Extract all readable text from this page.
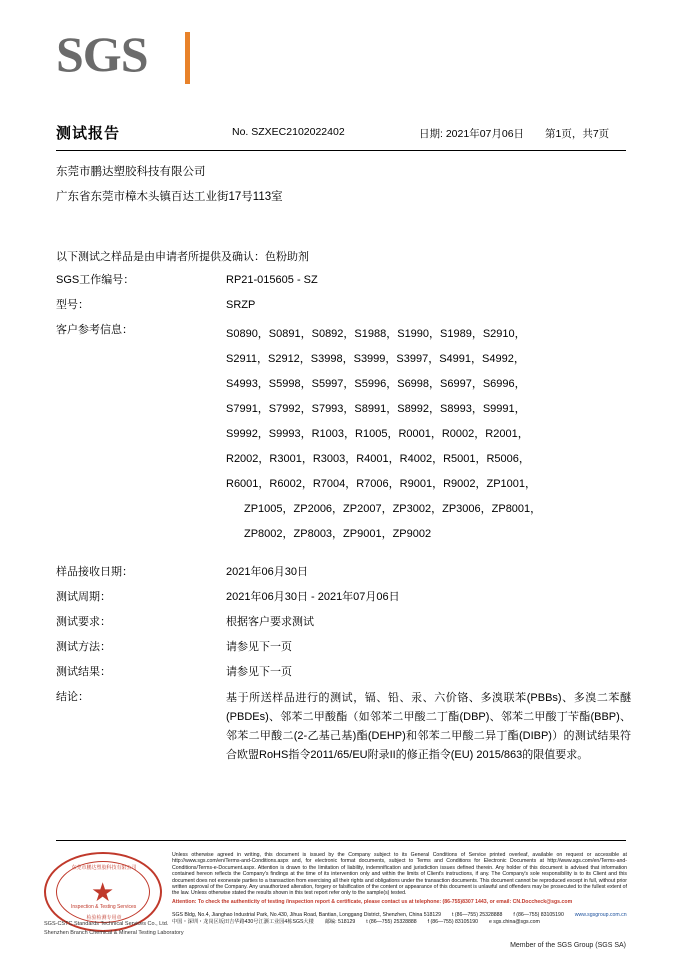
SGS
测试报告	No. SZXEC2102022402	日期: 2021年07月06日 第1页，共7页
东莞市鹏达塑胶科技有限公司
广东省东莞市樟木头镇百达工业街17号113室
以下测试之样品是由申请者所提供及确认：色粉助剂
SGS工作编号：	RP21-015605 - SZ
型号：	SRZP
客户参考信息：	S0890，S0891，S0892，S1988，S1990，S1989，S2910，
S2911，S2912，S3998，S3999，S3997，S4991，S4992，
S4993，S5998，S5997，S5996，S6998，S6997，S6996，
S7991，S7992，S7993，S8991，S8992，S8993，S9991，
S9992，S9993，R1003，R1005，R0001，R0002，R2001，
R2002，R3001，R3003，R4001，R4002，R5001，R5006，
R6001，R6002，R7004，R7006，R9001，R9002，ZP1001，
ZP1005，ZP2006，ZP2007，ZP3002，ZP3006，ZP8001，
ZP8002，ZP8003，ZP9001，ZP9002
样品接收日期：	2021年06月30日
测试周期：	2021年06月30日 - 2021年07月06日
测试要求：	根据客户要求测试
测试方法：	请参见下一页
测试结果：	请参见下一页
结论：	基于所送样品进行的测试，镉、铅、汞、六价铬、多溴联苯(PBBs)、多溴二苯醚(PBDEs)、邻苯二甲酸酯（如邻苯二甲酸二丁酯(DBP)、邻苯二甲酸丁苄酯(BBP)、邻苯二甲酸二(2-乙基己基)酯(DEHP)和邻苯二甲酸二异丁酯(DIBP)）的测试结果符合欧盟RoHS指令2011/65/EU附录II的修正指令(EU) 2015/863的限值要求。
东莞市鹏达塑胶科技有限公司
★
Inspection & Testing Services
检验检测专用章
SGS-CSTC Standards Technical Services Co., Ltd.
Shenzhen Branch Chemical & Mineral Testing Laboratory
Unless otherwise agreed in writing, this document is issued by the Company subject to its General Conditions of Service printed overleaf, available on request or accessible at http://www.sgs.com/en/Terms-and-Conditions.aspx and, for electronic format documents, subject to Terms and Conditions for Electronic Documents at http://www.sgs.com/en/Terms-and-Conditions/Terms-e-Document.aspx. Attention is drawn to the limitation of liability, indemnification and jurisdiction issues defined therein. Any holder of this document is advised that information contained hereon reflects the Company's findings at the time of its intervention only and within the limits of Client's instructions, if any. The Company's sole responsibility is to its Client and this document does not exonerate parties to a transaction from exercising all their rights and obligations under the transaction documents. This document cannot be reproduced except in full, without prior written approval of the Company. Any unauthorized alteration, forgery or falsification of the content or appearance of this document is unlawful and offenders may be prosecuted to the fullest extent of the law. Unless otherwise stated the results shown in this test report refer only to the sample(s) tested.
Attention: To check the authenticity of testing /inspection report & certificate, please contact us at telephone: (86-755)8307 1443, or email: CN.Doccheck@sgs.com
SGS Bldg, No.4, Jianghao Industrial Park, No.430, Jihua Road, Bantian, Longgang District, Shenzhen, China 518129 t (86—755) 25328888 f (86—755) 83105190 www.sgsgroup.com.cn
中国・深圳・龙岗区坂田吉华路430号江灏工业园4栋SGS大楼 邮编: 518129 t (86—755) 25328888 f (86—755) 83105190 e sgs.china@sgs.com
Member of the SGS Group (SGS SA)
